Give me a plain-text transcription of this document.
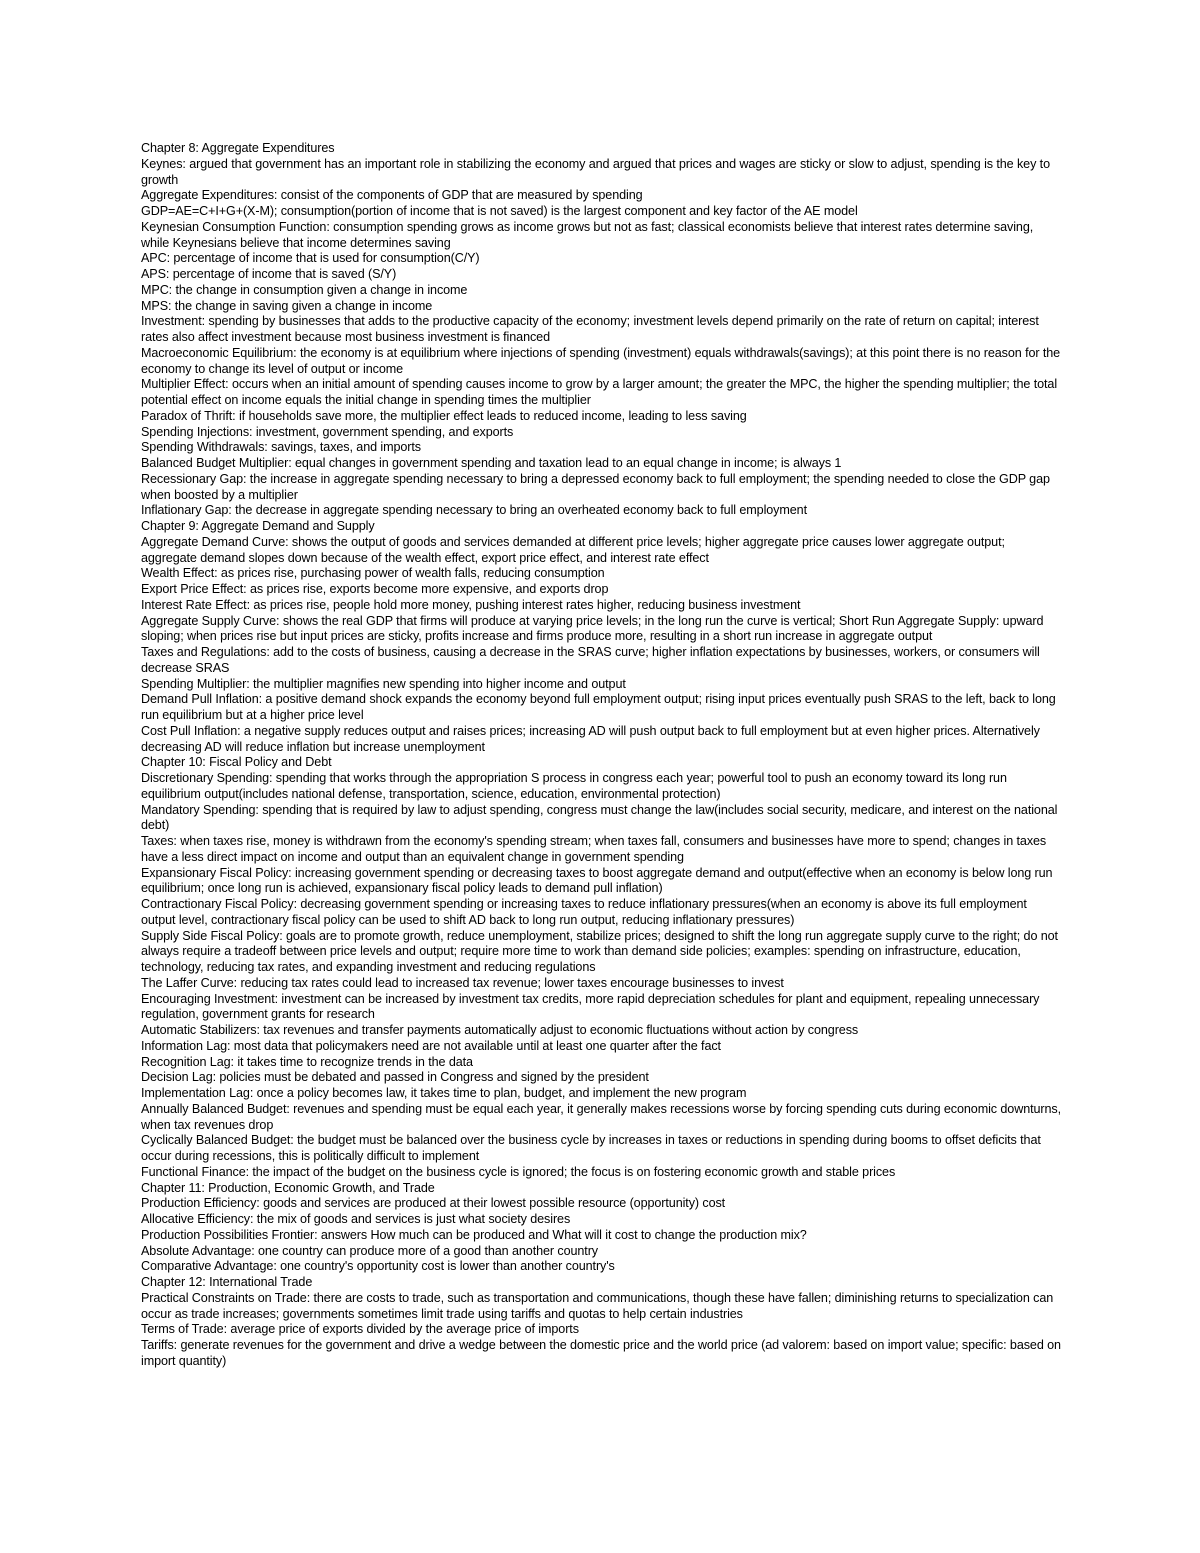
Chapter 8: Aggregate Expenditures
Keynes: argued that government has an important role in stabilizing the economy and argued that prices and wages are sticky or slow to adjust, spending is the key to growth
Aggregate Expenditures: consist of the components of GDP that are measured by spending
GDP=AE=C+I+G+(X-M); consumption(portion of income that is not saved) is the largest component and key factor of the AE model
Keynesian Consumption Function: consumption spending grows as income grows but not as fast; classical economists believe that interest rates determine saving, while Keynesians believe that income determines saving
APC: percentage of income that is used for consumption(C/Y)
APS: percentage of income that is saved (S/Y)
MPC: the change in consumption given a change in income
MPS: the change in saving given a change in income
Investment: spending by businesses that adds to the productive capacity of the economy; investment levels depend primarily on the rate of return on capital; interest rates also affect investment because most business investment is financed
Macroeconomic Equilibrium: the economy is at equilibrium where injections of spending (investment) equals withdrawals(savings); at this point there is no reason for the economy to change its level of output or income
Multiplier Effect: occurs when an initial amount of spending causes income to grow by a larger amount; the greater the MPC, the higher the spending multiplier; the total potential effect on income equals the initial change in spending times the multiplier
Paradox of Thrift: if households save more, the multiplier effect leads to reduced income, leading to less saving
Spending Injections: investment, government spending, and exports
Spending Withdrawals: savings, taxes, and imports
Balanced Budget Multiplier: equal changes in government spending and taxation lead to an equal change in income; is always 1
Recessionary Gap: the increase in aggregate spending necessary to bring a depressed economy back to full employment; the spending needed to close the GDP gap when boosted by a multiplier
Inflationary Gap: the decrease in aggregate spending necessary to bring an overheated economy back to full employment
Chapter 9: Aggregate Demand and Supply
Aggregate Demand Curve: shows the output of goods and services demanded at different price levels; higher aggregate price causes lower aggregate output; aggregate demand slopes down because of the wealth effect, export price effect, and interest rate effect
Wealth Effect: as prices rise, purchasing power of wealth falls, reducing consumption
Export Price Effect: as prices rise, exports become more expensive, and exports drop
Interest Rate Effect: as prices rise, people hold more money, pushing interest rates higher, reducing business investment
Aggregate Supply Curve: shows the real GDP that firms will produce at varying price levels; in the long run the curve is vertical; Short Run Aggregate Supply: upward sloping; when prices rise but input prices are sticky, profits increase and firms produce more, resulting in a short run increase in aggregate output
Taxes and Regulations: add to the costs of business, causing a decrease in the SRAS curve; higher inflation expectations by businesses, workers, or consumers will decrease SRAS
Spending Multiplier: the multiplier magnifies new spending into higher income and output
Demand Pull Inflation: a positive demand shock expands the economy beyond full employment output; rising input prices eventually push SRAS to the left, back to long run equilibrium but at a higher price level
Cost Pull Inflation: a negative supply reduces output and raises prices; increasing AD will push output back to full employment but at even higher prices. Alternatively decreasing AD will reduce inflation but increase unemployment
Chapter 10: Fiscal Policy and Debt
Discretionary Spending: spending that works through the appropriation S process in congress each year; powerful tool to push an economy toward its long run equilibrium output(includes national defense, transportation, science, education, environmental protection)
Mandatory Spending: spending that is required by law to adjust spending, congress must change the law(includes social security, medicare, and interest on the national debt)
Taxes: when taxes rise, money is withdrawn from the economy's spending stream; when taxes fall, consumers and businesses have more to spend; changes in taxes have a less direct impact on income and output than an equivalent change in government spending
Expansionary Fiscal Policy: increasing government spending or decreasing taxes to boost aggregate demand and output(effective when an economy is below long run equilibrium; once long run is achieved, expansionary fiscal policy leads to demand pull inflation)
Contractionary Fiscal Policy: decreasing government spending or increasing taxes to reduce inflationary pressures(when an economy is above its full employment output level, contractionary fiscal policy can be used to shift AD back to long run output, reducing inflationary pressures)
Supply Side Fiscal Policy: goals are to promote growth, reduce unemployment, stabilize prices; designed to shift the long run aggregate supply curve to the right; do not always require a tradeoff between price levels and output; require more time to work than demand side policies; examples: spending on infrastructure, education, technology, reducing tax rates, and expanding investment and reducing regulations
The Laffer Curve: reducing tax rates could lead to increased tax revenue; lower taxes encourage businesses to invest
Encouraging Investment: investment can be increased by investment tax credits, more rapid depreciation schedules for plant and equipment, repealing unnecessary regulation, government grants for research
Automatic Stabilizers: tax revenues and transfer payments automatically adjust to economic fluctuations without action by congress
Information Lag: most data that policymakers need are not available until at least one quarter after the fact
Recognition Lag: it takes time to recognize trends in the data
Decision Lag: policies must be debated and passed in Congress and signed by the president
Implementation Lag: once a policy becomes law, it takes time to plan, budget, and implement the new program
Annually Balanced Budget: revenues and spending must be equal each year, it generally makes recessions worse by forcing spending cuts during economic downturns, when tax revenues drop
Cyclically Balanced Budget: the budget must be balanced over the business cycle by increases in taxes or reductions in spending during booms to offset deficits that occur during recessions, this is politically difficult to implement
Functional Finance: the impact of the budget on the business cycle is ignored; the focus is on fostering economic growth and stable prices
Chapter 11: Production, Economic Growth, and Trade
Production Efficiency: goods and services are produced at their lowest possible resource (opportunity) cost
Allocative Efficiency: the mix of goods and services is just what society desires
Production Possibilities Frontier: answers How much can be produced and What will it cost to change the production mix?
Absolute Advantage: one country can produce more of a good than another country
Comparative Advantage: one country's opportunity cost is lower than another country's
Chapter 12: International Trade
Practical Constraints on Trade: there are costs to trade, such as transportation and communications, though these have fallen; diminishing returns to specialization can occur as trade increases; governments sometimes limit trade using tariffs and quotas to help certain industries
Terms of Trade: average price of exports divided by the average price of imports
Tariffs: generate revenues for the government and drive a wedge between the domestic price and the world price (ad valorem: based on import value; specific: based on import quantity)
